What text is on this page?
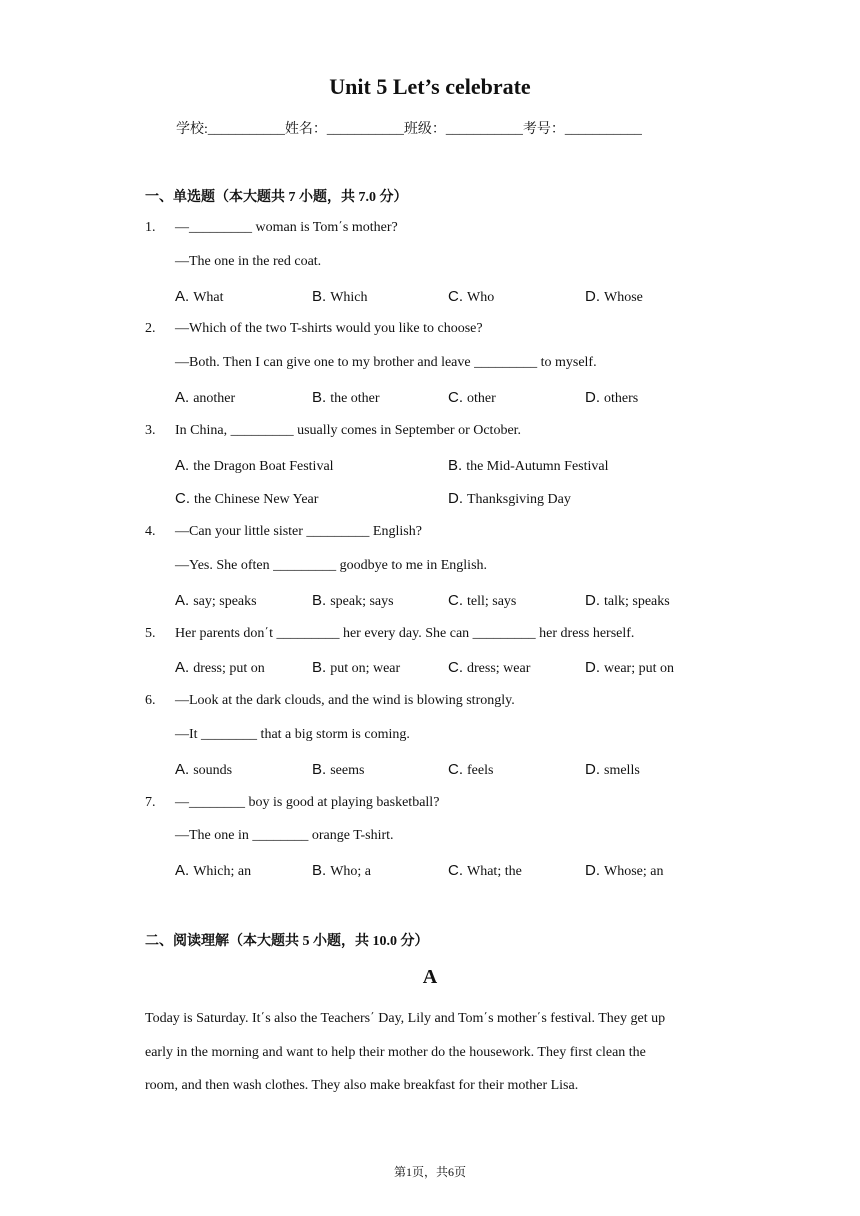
Unit 5 Let’s celebrate
学校:___________姓名：___________班级：___________考号：___________
一、单选题（本大题共 7 小题，共 7.0 分）
1. —_________ woman is Tom΄s mother?
—The one in the red coat.
A. What	B. Which	C. Who	D. Whose
2. —Which of the two T-shirts would you like to choose?
—Both. Then I can give one to my brother and leave _________ to myself.
A. another	B. the other	C. other	D. others
3. In China, _________ usually comes in September or October.
A. the Dragon Boat Festival	B. the Mid-Autumn Festival
C. the Chinese New Year	D. Thanksgiving Day
4. —Can your little sister _________ English?
—Yes. She often _________ goodbye to me in English.
A. say; speaks	B. speak; says	C. tell; says	D. talk; speaks
5. Her parents don΄t _________ her every day. She can _________ her dress herself.
A. dress; put on	B. put on; wear	C. dress; wear	D. wear; put on
6. —Look at the dark clouds, and the wind is blowing strongly.
—It ________ that a big storm is coming.
A. sounds	B. seems	C. feels	D. smells
7. —________ boy is good at playing basketball?
—The one in ________ orange T-shirt.
A. Which; an	B. Who; a	C. What; the	D. Whose; an
二、阅读理解（本大题共 5 小题，共 10.0 分）
A
Today is Saturday. It΄s also the Teachers΄ Day, Lily and Tom΄s mother΄s festival. They get up
early in the morning and want to help their mother do the housework. They first clean the
room, and then wash clothes. They also make breakfast for their mother Lisa.
第1页，共6页
